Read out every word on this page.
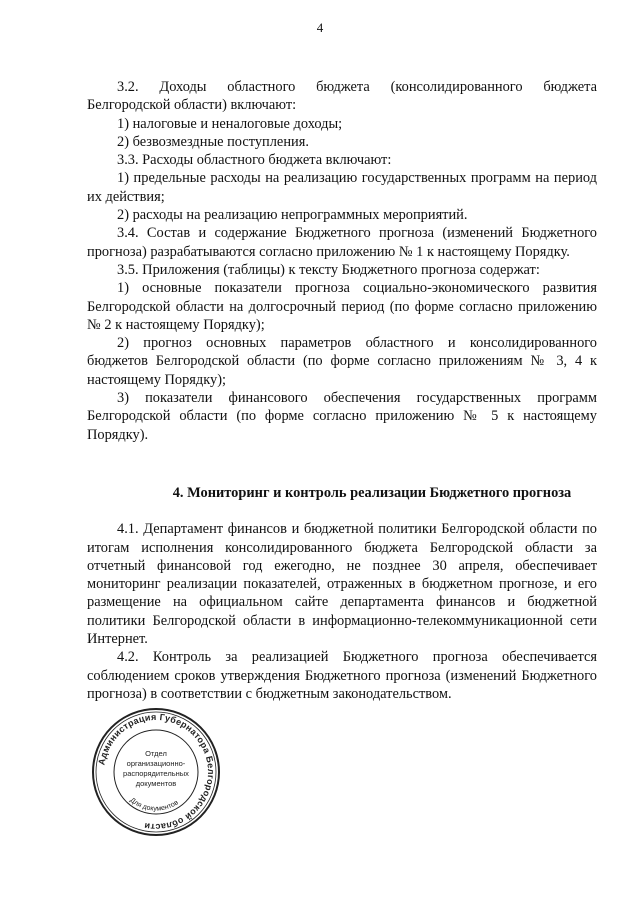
4

3.2. Доходы областного бюджета (консолидированного бюджета Белгородской области) включают:

1) налоговые и неналоговые доходы;

2) безвозмездные поступления.

3.3. Расходы областного бюджета включают:

1) предельные расходы на реализацию государственных программ на период их действия;

2) расходы на реализацию непрограммных мероприятий.

3.4. Состав и содержание Бюджетного прогноза (изменений Бюджетного прогноза) разрабатываются согласно приложению № 1 к настоящему Порядку.

3.5. Приложения (таблицы) к тексту Бюджетного прогноза содержат:

1) основные показатели прогноза социально-экономического развития Белгородской области на долгосрочный период (по форме согласно приложению № 2 к настоящему Порядку);

2) прогноз основных параметров областного и консолидированного бюджетов Белгородской области (по форме согласно приложениям № 3, 4 к настоящему Порядку);

3) показатели финансового обеспечения государственных программ Белгородской области (по форме согласно приложению № 5 к настоящему Порядку).

4. Мониторинг и контроль реализации Бюджетного прогноза

4.1. Департамент финансов и бюджетной политики Белгородской области по итогам исполнения консолидированного бюджета Белгородской области за отчетный финансовой год ежегодно, не позднее 30 апреля, обеспечивает мониторинг реализации показателей, отраженных в бюджетном прогнозе, и его размещение на официальном сайте департамента финансов и бюджетной политики Белгородской области в информационно-телекоммуникационной сети Интернет.

4.2. Контроль за реализацией Бюджетного прогноза обеспечивается соблюдением сроков утверждения Бюджетного прогноза (изменений Бюджетного прогноза) в соответствии с бюджетным законодательством.

Администрация Губернатора Белгородской области
Для документов
Отдел
организационно-
распорядительных
документов
